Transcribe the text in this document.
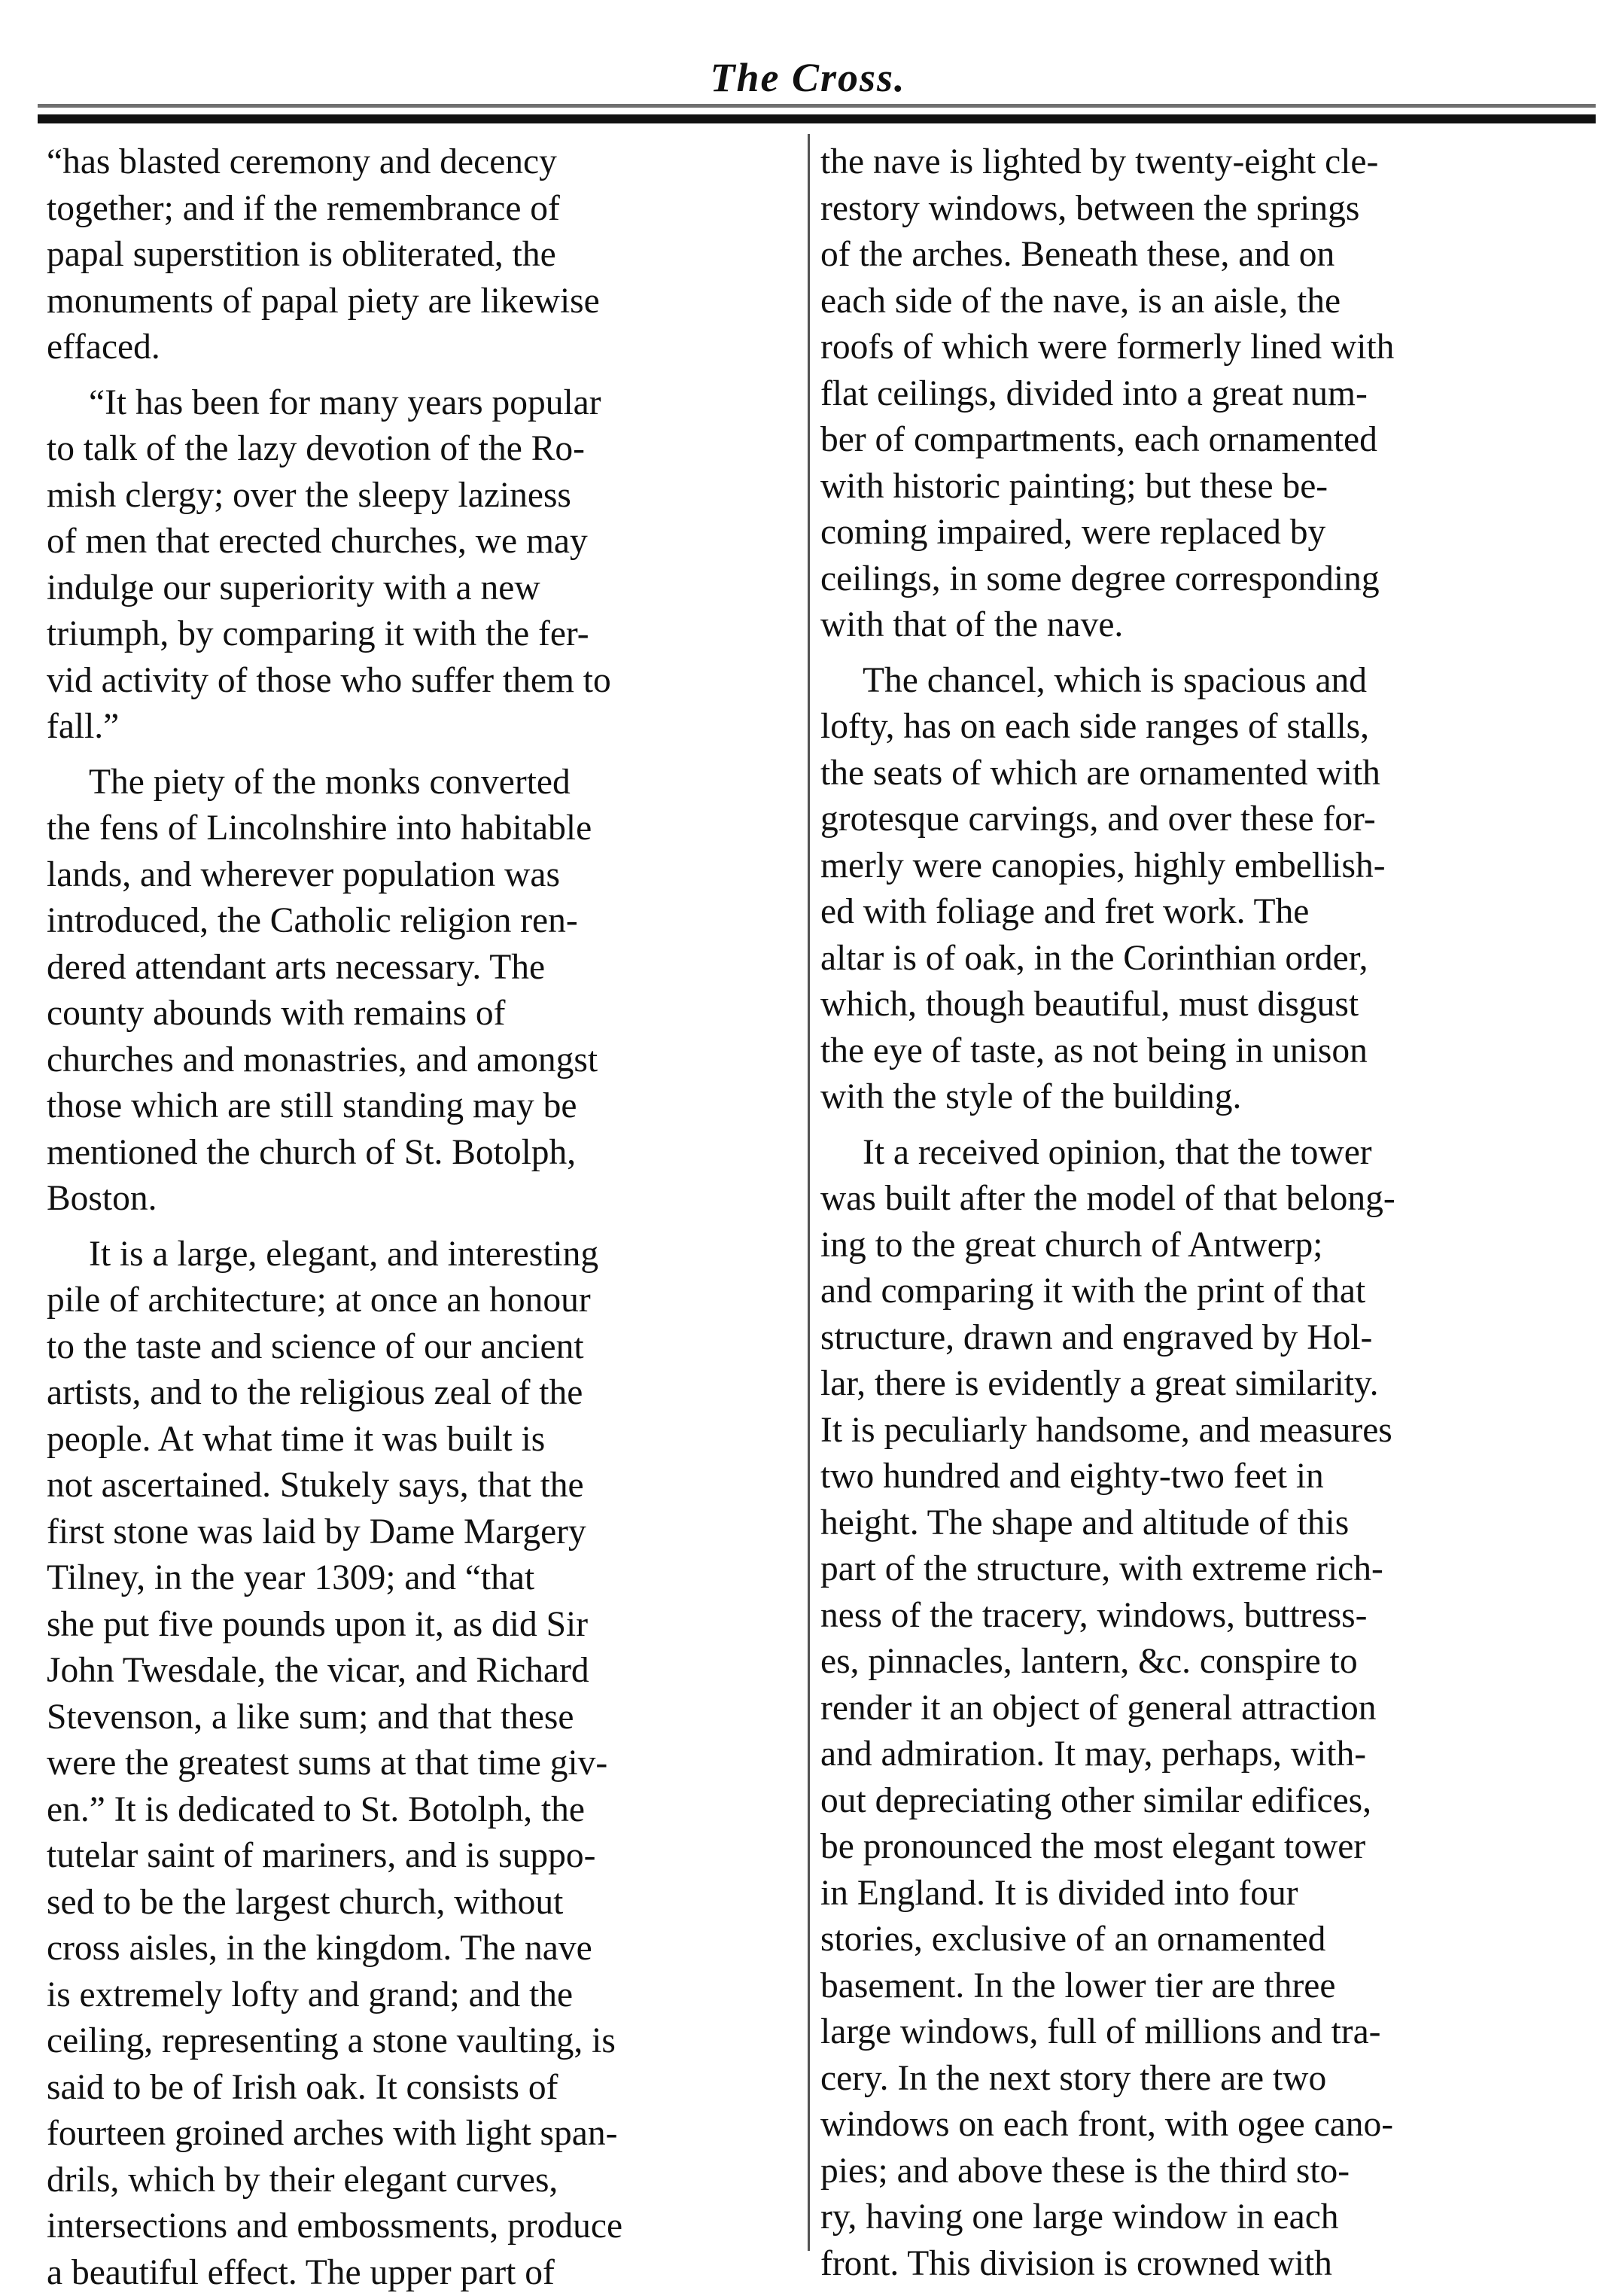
The Cross.

“has blasted ceremony and decency
together; and if the remembrance of
papal superstition is obliterated, the
monuments of papal piety are likewise
effaced.

“It has been for many years popular
to talk of the lazy devotion of the Ro-
mish clergy; over the sleepy laziness
of men that erected churches, we may
indulge our superiority with a new
triumph, by comparing it with the fer-
vid activity of those who suffer them to
fall.”

The piety of the monks converted
the fens of Lincolnshire into habitable
lands, and wherever population was
introduced, the Catholic religion ren-
dered attendant arts necessary. The
county abounds with remains of
churches and monastries, and amongst
those which are still standing may be
mentioned the church of St. Botolph,
Boston.

It is a large, elegant, and interesting
pile of architecture; at once an honour
to the taste and science of our ancient
artists, and to the religious zeal of the
people. At what time it was built is
not ascertained. Stukely says, that the
first stone was laid by Dame Margery
Tilney, in the year 1309; and “that
she put five pounds upon it, as did Sir
John Twesdale, the vicar, and Richard
Stevenson, a like sum; and that these
were the greatest sums at that time giv-
en.” It is dedicated to St. Botolph, the
tutelar saint of mariners, and is suppo-
sed to be the largest church, without
cross aisles, in the kingdom. The nave
is extremely lofty and grand; and the
ceiling, representing a stone vaulting, is
said to be of Irish oak. It consists of
fourteen groined arches with light span-
drils, which by their elegant curves,
intersections and embossments, produce
a beautiful effect. The upper part of

the nave is lighted by twenty-eight cle-
restory windows, between the springs
of the arches. Beneath these, and on
each side of the nave, is an aisle, the
roofs of which were formerly lined with
flat ceilings, divided into a great num-
ber of compartments, each ornamented
with historic painting; but these be-
coming impaired, were replaced by
ceilings, in some degree corresponding
with that of the nave.

The chancel, which is spacious and
lofty, has on each side ranges of stalls,
the seats of which are ornamented with
grotesque carvings, and over these for-
merly were canopies, highly embellish-
ed with foliage and fret work. The
altar is of oak, in the Corinthian order,
which, though beautiful, must disgust
the eye of taste, as not being in unison
with the style of the building.

It a received opinion, that the tower
was built after the model of that belong-
ing to the great church of Antwerp;
and comparing it with the print of that
structure, drawn and engraved by Hol-
lar, there is evidently a great similarity.
It is peculiarly handsome, and measures
two hundred and eighty-two feet in
height. The shape and altitude of this
part of the structure, with extreme rich-
ness of the tracery, windows, buttress-
es, pinnacles, lantern, &c. conspire to
render it an object of general attraction
and admiration. It may, perhaps, with-
out depreciating other similar edifices,
be pronounced the most elegant tower
in England. It is divided into four
stories, exclusive of an ornamented
basement. In the lower tier are three
large windows, full of millions and tra-
cery. In the next story there are two
windows on each front, with ogee cano-
pies; and above these is the third sto-
ry, having one large window in each
front. This division is crowned with
